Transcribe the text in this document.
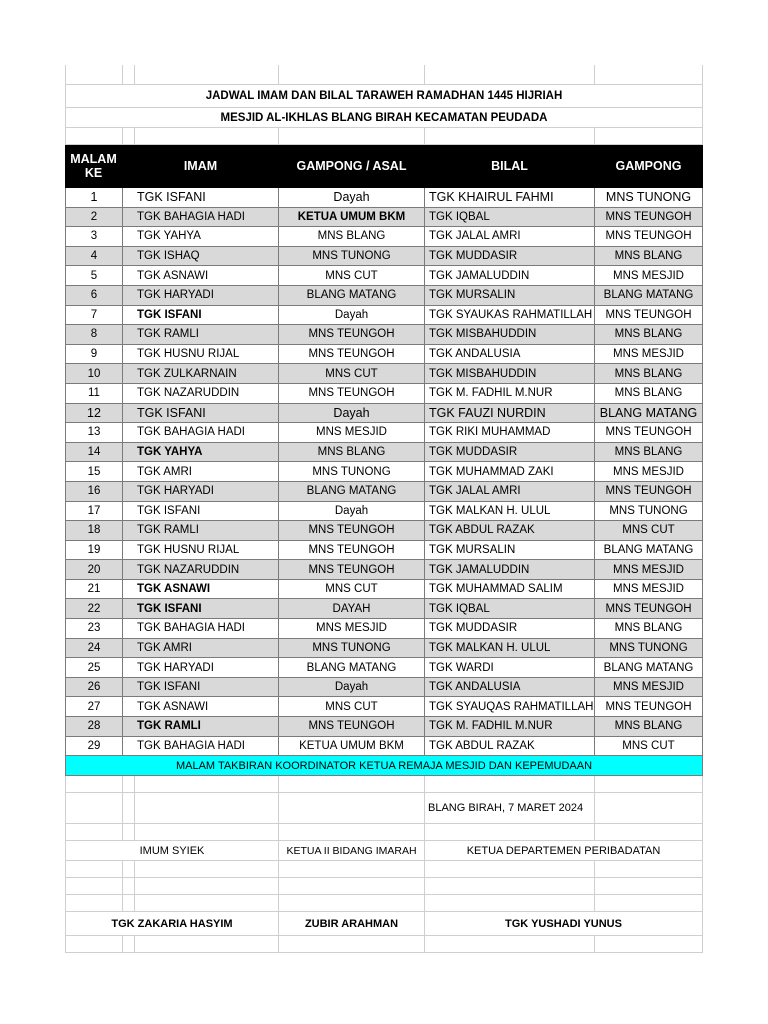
JADWAL IMAM DAN BILAL TARAWEH RAMADHAN 1445 HIJRIAH
MESJID AL-IKHLAS BLANG BIRAH KECAMATAN PEUDADA
MALAM KE	IMAM	GAMPONG / ASAL	BILAL	GAMPONG
1	TGK ISFANI	Dayah	TGK KHAIRUL FAHMI	MNS TUNONG
2	TGK BAHAGIA HADI	KETUA UMUM BKM	TGK IQBAL	MNS TEUNGOH
3	TGK YAHYA	MNS BLANG	TGK JALAL AMRI	MNS TEUNGOH
4	TGK ISHAQ	MNS TUNONG	TGK MUDDASIR	MNS BLANG
5	TGK ASNAWI	MNS CUT	TGK JAMALUDDIN	MNS MESJID
6	TGK HARYADI	BLANG MATANG	TGK MURSALIN	BLANG MATANG
7	TGK ISFANI	Dayah	TGK SYAUKAS RAHMATILLAH	MNS TEUNGOH
8	TGK RAMLI	MNS TEUNGOH	TGK MISBAHUDDIN	MNS BLANG
9	TGK HUSNU RIJAL	MNS TEUNGOH	TGK ANDALUSIA	MNS MESJID
10	TGK ZULKARNAIN	MNS CUT	TGK MISBAHUDDIN	MNS BLANG
11	TGK NAZARUDDIN	MNS TEUNGOH	TGK M. FADHIL M.NUR	MNS BLANG
12	TGK ISFANI	Dayah	TGK FAUZI NURDIN	BLANG MATANG
13	TGK BAHAGIA HADI	MNS MESJID	TGK RIKI MUHAMMAD	MNS TEUNGOH
14	TGK YAHYA	MNS BLANG	TGK MUDDASIR	MNS BLANG
15	TGK AMRI	MNS TUNONG	TGK MUHAMMAD ZAKI	MNS MESJID
16	TGK HARYADI	BLANG MATANG	TGK JALAL AMRI	MNS TEUNGOH
17	TGK ISFANI	Dayah	TGK MALKAN H. ULUL	MNS TUNONG
18	TGK RAMLI	MNS TEUNGOH	TGK ABDUL RAZAK	MNS CUT
19	TGK HUSNU RIJAL	MNS TEUNGOH	TGK MURSALIN	BLANG MATANG
20	TGK NAZARUDDIN	MNS TEUNGOH	TGK JAMALUDDIN	MNS MESJID
21	TGK ASNAWI	MNS CUT	TGK MUHAMMAD SALIM	MNS MESJID
22	TGK ISFANI	DAYAH	TGK IQBAL	MNS TEUNGOH
23	TGK BAHAGIA HADI	MNS MESJID	TGK MUDDASIR	MNS BLANG
24	TGK AMRI	MNS TUNONG	TGK MALKAN H. ULUL	MNS TUNONG
25	TGK HARYADI	BLANG MATANG	TGK WARDI	BLANG MATANG
26	TGK ISFANI	Dayah	TGK ANDALUSIA	MNS MESJID
27	TGK ASNAWI	MNS CUT	TGK SYAUQAS RAHMATILLAH	MNS TEUNGOH
28	TGK RAMLI	MNS TEUNGOH	TGK M. FADHIL M.NUR	MNS BLANG
29	TGK BAHAGIA HADI	KETUA UMUM BKM	TGK ABDUL RAZAK	MNS CUT
MALAM TAKBIRAN KOORDINATOR KETUA REMAJA MESJID DAN KEPEMUDAAN
BLANG BIRAH, 7 MARET 2024
IMUM SYIEK	KETUA II BIDANG IMARAH	KETUA DEPARTEMEN PERIBADATAN
TGK ZAKARIA HASYIM	ZUBIR ARAHMAN	TGK YUSHADI YUNUS
